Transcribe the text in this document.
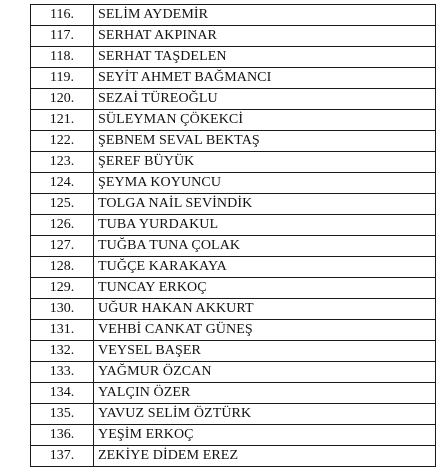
116.	SELİM AYDEMİR
117.	SERHAT AKPINAR
118.	SERHAT TAŞDELEN
119.	SEYİT AHMET BAĞMANCI
120.	SEZAİ TÜREOĞLU
121.	SÜLEYMAN ÇÖKEKCİ
122.	ŞEBNEM SEVAL BEKTAŞ
123.	ŞEREF BÜYÜK
124.	ŞEYMA KOYUNCU
125.	TOLGA NAİL SEVİNDİK
126.	TUBA YURDAKUL
127.	TUĞBA TUNA ÇOLAK
128.	TUĞÇE KARAKAYA
129.	TUNCAY ERKOÇ
130.	UĞUR HAKAN AKKURT
131.	VEHBİ CANKAT GÜNEŞ
132.	VEYSEL BAŞER
133.	YAĞMUR ÖZCAN
134.	YALÇIN ÖZER
135.	YAVUZ SELİM ÖZTÜRK
136.	YEŞİM ERKOÇ
137.	ZEKİYE DİDEM EREZ
